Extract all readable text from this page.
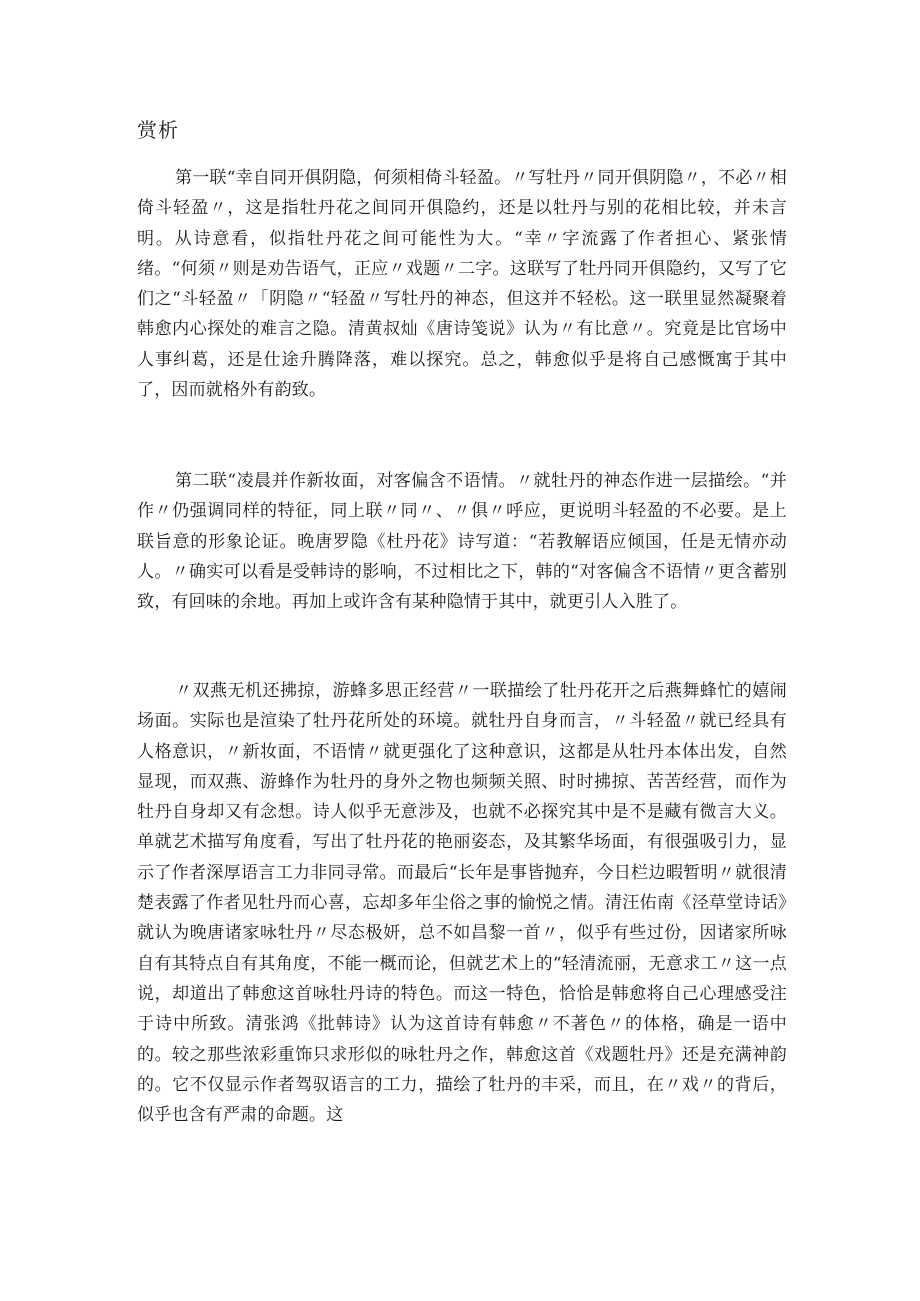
赏析

第一联“幸自同开俱阴隐，何须相倚斗轻盈。〃写牡丹〃同开俱阴隐〃，不必〃相倚斗轻盈〃，这是指牡丹花之间同开俱隐约，还是以牡丹与别的花相比较，并未言明。从诗意看，似指牡丹花之间可能性为大。“幸〃字流露了作者担心、紧张情绪。“何须〃则是劝告语气，正应〃戏题〃二字。这联写了牡丹同开俱隐约，又写了它们之“斗轻盈〃「阴隐〃“轻盈〃写牡丹的神态，但这并不轻松。这一联里显然凝聚着韩愈内心探处的难言之隐。清黄叔灿《唐诗笺说》认为〃有比意〃。究竟是比官场中人事纠葛，还是仕途升腾降落，难以探究。总之，韩愈似乎是将自己感慨寓于其中了，因而就格外有韵致。

第二联“凌晨并作新妆面，对客偏含不语情。〃就牡丹的神态作进一层描绘。“并作〃仍强调同样的特征，同上联〃同〃、〃俱〃呼应，更说明斗轻盈的不必要。是上联旨意的形象论证。晚唐罗隐《杜丹花》诗写道：“若教解语应倾国，任是无情亦动人。〃确实可以看是受韩诗的影响，不过相比之下，韩的“对客偏含不语情〃更含蓄别致，有回味的余地。再加上或许含有某种隐情于其中，就更引人入胜了。

〃双燕无机还拂掠，游蜂多思正经营〃一联描绘了牡丹花开之后燕舞蜂忙的嬉闹场面。实际也是渲染了牡丹花所处的环境。就牡丹自身而言，〃斗轻盈〃就已经具有人格意识，〃新妆面，不语情〃就更强化了这种意识，这都是从牡丹本体出发，自然显现，而双燕、游蜂作为牡丹的身外之物也频频关照、时时拂掠、苦苦经营，而作为牡丹自身却又有念想。诗人似乎无意涉及，也就不必探究其中是不是藏有微言大义。单就艺术描写角度看，写出了牡丹花的艳丽姿态，及其繁华场面，有很强吸引力，显示了作者深厚语言工力非同寻常。而最后“长年是事皆抛弃，今日栏边暇暂明〃就很清楚表露了作者见牡丹而心喜，忘却多年尘俗之事的愉悦之情。清汪佑南《泾草堂诗话》就认为晚唐诸家咏牡丹〃尽态极妍，总不如昌黎一首〃，似乎有些过份，因诸家所咏自有其特点自有其角度，不能一概而论，但就艺术上的“轻清流丽，无意求工〃这一点说，却道出了韩愈这首咏牡丹诗的特色。而这一特色，恰恰是韩愈将自己心理感受注于诗中所致。清张鸿《批韩诗》认为这首诗有韩愈〃不著色〃的体格，确是一语中的。较之那些浓彩重饰只求形似的咏牡丹之作，韩愈这首《戏题牡丹》还是充满神韵的。它不仅显示作者驾驭语言的工力，描绘了牡丹的丰采，而且，在〃戏〃的背后，似乎也含有严肃的命题。这
